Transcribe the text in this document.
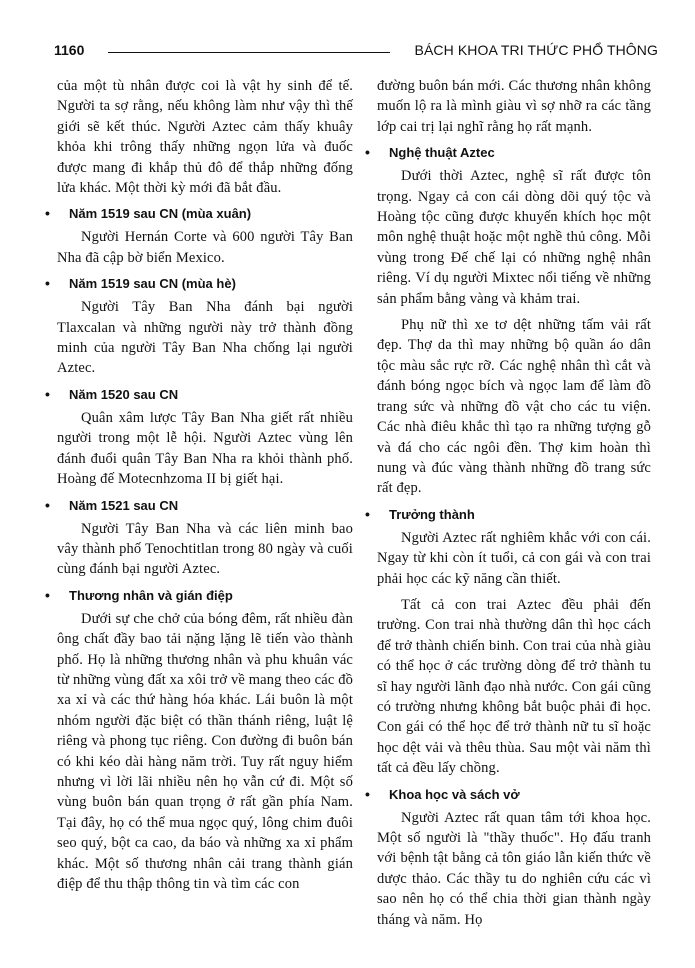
1160	BÁCH KHOA TRI THỨC PHỔ THÔNG

của một tù nhân được coi là vật hy sinh để tế. Người ta sợ rằng, nếu không làm như vậy thì thế giới sẽ kết thúc. Người Aztec cảm thấy khuây khỏa khi trông thấy những ngọn lửa và đuốc được mang đi khắp thủ đô để thắp những đống lửa khác. Một thời kỳ mới đã bắt đầu.

• Năm 1519 sau CN (mùa xuân)

Người Hernán Corte và 600 người Tây Ban Nha đã cập bờ biển Mexico.

• Năm 1519 sau CN (mùa hè)

Người Tây Ban Nha đánh bại người Tlaxcalan và những người này trở thành đồng minh của người Tây Ban Nha chống lại người Aztec.

• Năm 1520 sau CN

Quân xâm lược Tây Ban Nha giết rất nhiều người trong một lễ hội. Người Aztec vùng lên đánh đuổi quân Tây Ban Nha ra khỏi thành phố. Hoàng đế Motecnhzoma II bị giết hại.

• Năm 1521 sau CN

Người Tây Ban Nha và các liên minh bao vây thành phố Tenochtitlan trong 80 ngày và cuối cùng đánh bại người Aztec.

• Thương nhân và gián điệp

Dưới sự che chở của bóng đêm, rất nhiều đàn ông chất đầy bao tải nặng lặng lẽ tiến vào thành phố. Họ là những thương nhân và phu khuân vác từ những vùng đất xa xôi trở về mang theo các đồ xa xỉ và các thứ hàng hóa khác. Lái buôn là một nhóm người đặc biệt có thần thánh riêng, luật lệ riêng và phong tục riêng. Con đường đi buôn bán có khi kéo dài hàng năm trời. Tuy rất nguy hiểm nhưng vì lời lãi nhiều nên họ vẫn cứ đi. Một số vùng buôn bán quan trọng ở rất gần phía Nam. Tại đây, họ có thể mua ngọc quý, lông chim đuôi seo quý, bột ca cao, da báo và những xa xỉ phẩm khác. Một số thương nhân cải trang thành gián điệp để thu thập thông tin và tìm các con

đường buôn bán mới. Các thương nhân không muốn lộ ra là mình giàu vì sợ nhỡ ra các tầng lớp cai trị lại nghĩ rằng họ rất mạnh.

• Nghệ thuật Aztec

Dưới thời Aztec, nghệ sĩ rất được tôn trọng. Ngay cả con cái dòng dõi quý tộc và Hoàng tộc cũng được khuyến khích học một môn nghệ thuật hoặc một nghề thủ công. Mỗi vùng trong Đế chế lại có những nghệ nhân riêng. Ví dụ người Mixtec nổi tiếng về những sản phẩm bằng vàng và khảm trai.

Phụ nữ thì xe tơ dệt những tấm vải rất đẹp. Thợ da thì may những bộ quần áo dân tộc màu sắc rực rỡ. Các nghệ nhân thì cắt và đánh bóng ngọc bích và ngọc lam để làm đồ trang sức và những đồ vật cho các tu viện. Các nhà điêu khắc thì tạo ra những tượng gỗ và đá cho các ngôi đền. Thợ kim hoàn thì nung và đúc vàng thành những đồ trang sức rất đẹp.

• Trưởng thành

Người Aztec rất nghiêm khắc với con cái. Ngay từ khi còn ít tuổi, cả con gái và con trai phải học các kỹ năng cần thiết.

Tất cả con trai Aztec đều phải đến trường. Con trai nhà thường dân thì học cách để trở thành chiến binh. Con trai của nhà giàu có thể học ở các trường dòng để trở thành tu sĩ hay người lãnh đạo nhà nước. Con gái cũng có trường nhưng không bắt buộc phải đi học. Con gái có thể học để trở thành nữ tu sĩ hoặc học dệt vải và thêu thùa. Sau một vài năm thì tất cả đều lấy chồng.

• Khoa học và sách vở

Người Aztec rất quan tâm tới khoa học. Một số người là "thầy thuốc". Họ đấu tranh với bệnh tật bằng cả tôn giáo lẫn kiến thức về dược thảo. Các thầy tu do nghiên cứu các vì sao nên họ có thể chia thời gian thành ngày tháng và năm. Họ
